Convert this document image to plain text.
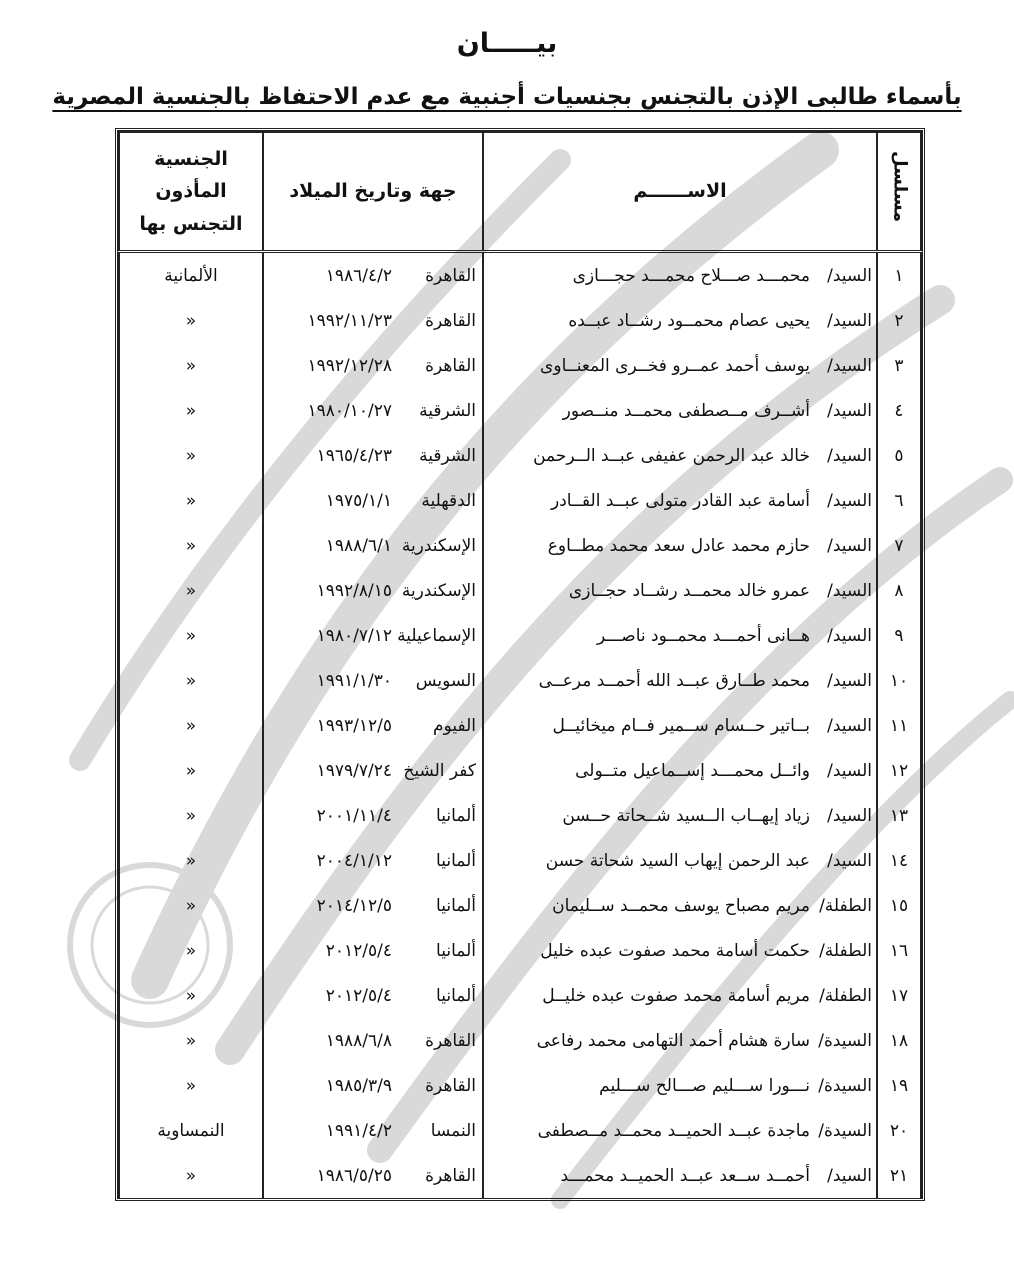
بيـــــان
بأسماء طالبى الإذن بالتجنس بجنسيات أجنبية مع عدم الاحتفاظ بالجنسية المصرية
مسلسل	الاســــــم	جهة وتاريخ الميلاد	الجنسية المأذون التجنس بها
١	السيد/محمـــد صـــلاح محمـــد حجـــازى	القاهرة١٩٨٦/٤/٢	الألمانية
٢	السيد/يحيى عصام محمــود رشــاد عبــده	القاهرة١٩٩٢/١١/٢٣	«
٣	السيد/يوسف أحمد عمــرو فخــرى المعنــاوى	القاهرة١٩٩٢/١٢/٢٨	«
٤	السيد/أشــرف مــصطفى محمــد منــصور	الشرقية١٩٨٠/١٠/٢٧	«
٥	السيد/خالد عبد الرحمن عفيفى عبــد الــرحمن	الشرقية١٩٦٥/٤/٢٣	«
٦	السيد/أسامة عبد القادر متولى عبــد القــادر	الدقهلية١٩٧٥/١/١	«
٧	السيد/حازم محمد عادل سعد محمد مطــاوع	الإسكندرية١٩٨٨/٦/١	«
٨	السيد/عمرو خالد محمــد رشــاد حجــازى	الإسكندرية١٩٩٢/٨/١٥	«
٩	السيد/هــانى أحمـــد محمــود ناصـــر	الإسماعيلية١٩٨٠/٧/١٢	«
١٠	السيد/محمد طــارق عبــد الله أحمــد مرعــى	السويس١٩٩١/١/٣٠	«
١١	السيد/بــاتير حــسام ســمير فــام ميخائيــل	الفيوم١٩٩٣/١٢/٥	«
١٢	السيد/وائــل محمـــد إســماعيل متــولى	كفر الشيخ١٩٧٩/٧/٢٤	«
١٣	السيد/زياد إيهــاب الــسيد شــحاتة حــسن	ألمانيا٢٠٠١/١١/٤	«
١٤	السيد/عبد الرحمن إيهاب السيد شحاتة حسن	ألمانيا٢٠٠٤/١/١٢	«
١٥	الطفلة/مريم مصباح يوسف محمــد ســليمان	ألمانيا٢٠١٤/١٢/٥	«
١٦	الطفلة/حكمت أسامة محمد صفوت عبده خليل	ألمانيا٢٠١٢/٥/٤	«
١٧	الطفلة/مريم أسامة محمد صفوت عبده خليــل	ألمانيا٢٠١٢/٥/٤	«
١٨	السيدة/سارة هشام أحمد التهامى محمد رفاعى	القاهرة١٩٨٨/٦/٨	«
١٩	السيدة/نـــورا ســـليم صـــالح ســـليم	القاهرة١٩٨٥/٣/٩	«
٢٠	السيدة/ماجدة عبــد الحميــد محمــد مــصطفى	النمسا١٩٩١/٤/٢	النمساوية
٢١	السيد/أحمــد ســعد عبــد الحميــد محمـــد	القاهرة١٩٨٦/٥/٢٥	«
